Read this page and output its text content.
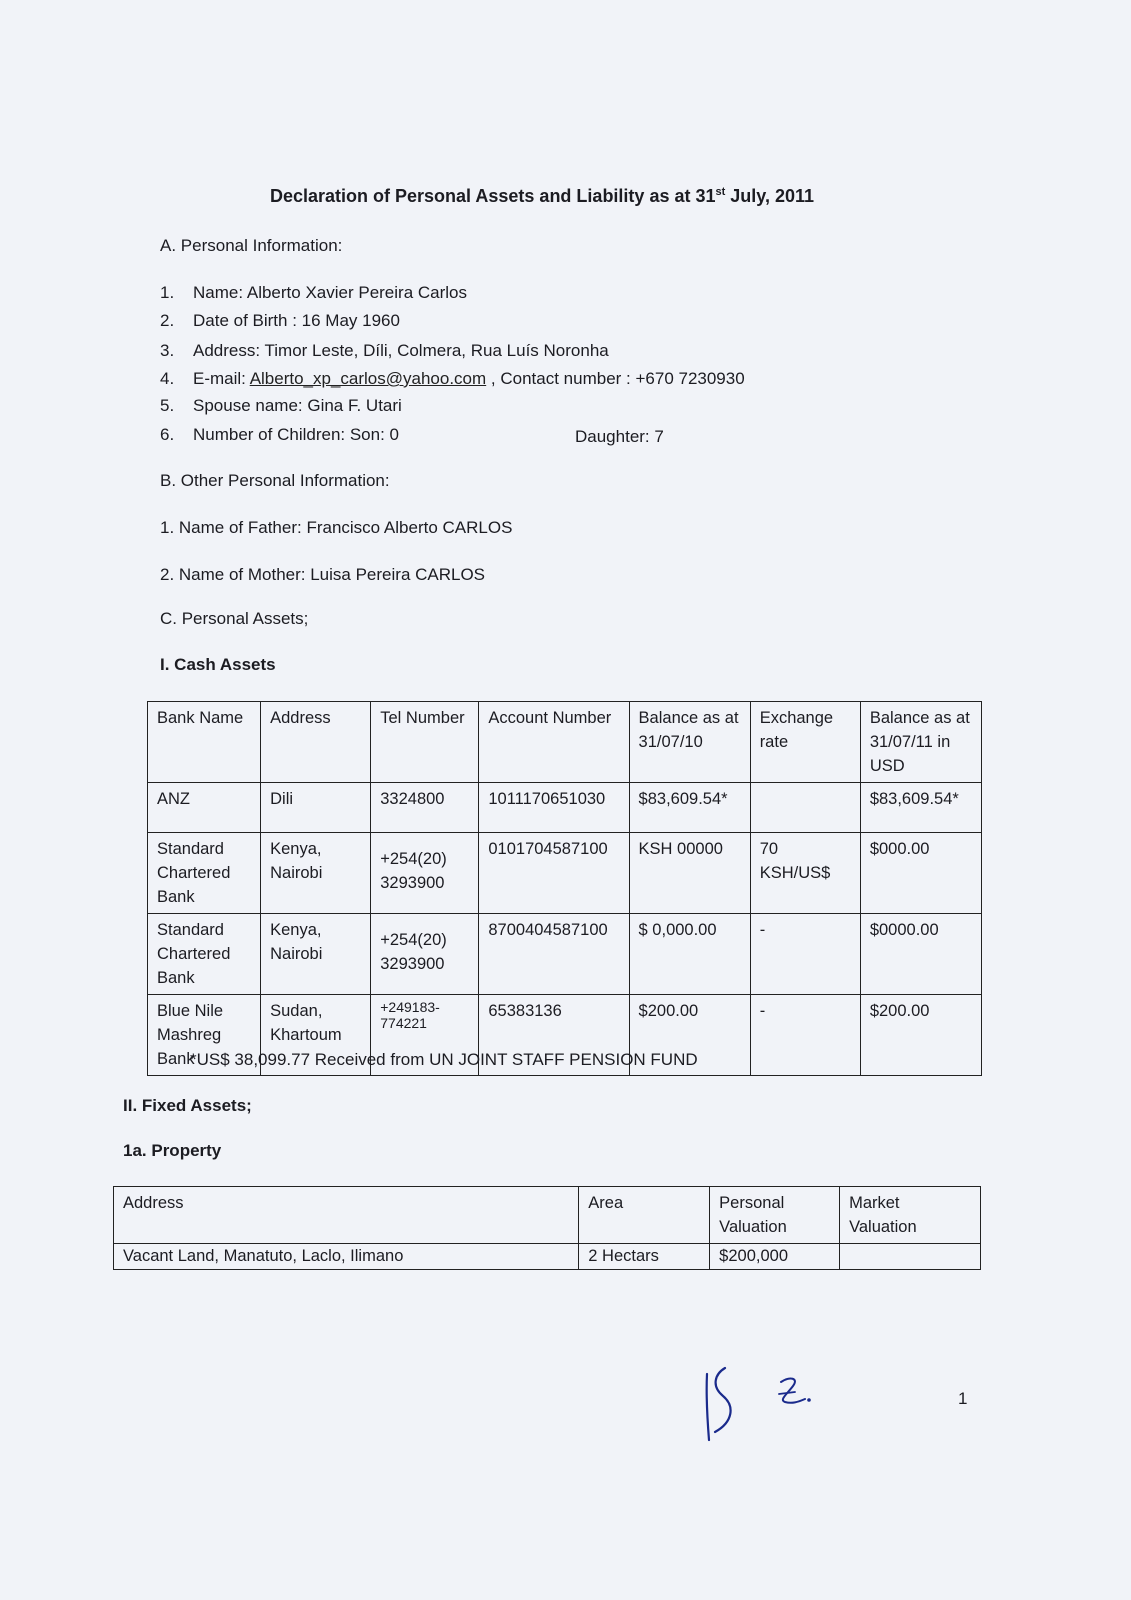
Declaration of Personal Assets and Liability as at 31st July, 2011
A. Personal Information:
1. Name: Alberto Xavier Pereira Carlos
2. Date of Birth : 16 May 1960
3. Address: Timor Leste, Díli, Colmera, Rua Luís Noronha
4. E-mail: Alberto_xp_carlos@yahoo.com , Contact number : +670 7230930
5. Spouse name: Gina F. Utari
6. Number of Children: Son: 0	Daughter: 7
B. Other Personal Information:
1. Name of Father: Francisco Alberto CARLOS
2. Name of Mother: Luisa Pereira CARLOS
C. Personal Assets;
I. Cash Assets
Bank Name	Address	Tel Number	Account Number	Balance as at 31/07/10	Exchange rate	Balance as at 31/07/11 in USD
ANZ	Dili	3324800	1011170651030	$83,609.54*		$83,609.54*
Standard Chartered Bank	Kenya, Nairobi	+254(20) 3293900	0101704587100	KSH 00000	70 KSH/US$	$000.00
Standard Chartered Bank	Kenya, Nairobi	+254(20) 3293900	8700404587100	$ 0,000.00	-	$0000.00
Blue Nile Mashreg Bank	Sudan, Khartoum	+249183-774221	65383136	$200.00	-	$200.00
*US$ 38,099.77 Received from UN JOINT STAFF PENSION FUND
II. Fixed Assets;
1a. Property
Address	Area	Personal Valuation	Market Valuation
Vacant Land, Manatuto, Laclo, Ilimano	2 Hectars	$200,000	
1
